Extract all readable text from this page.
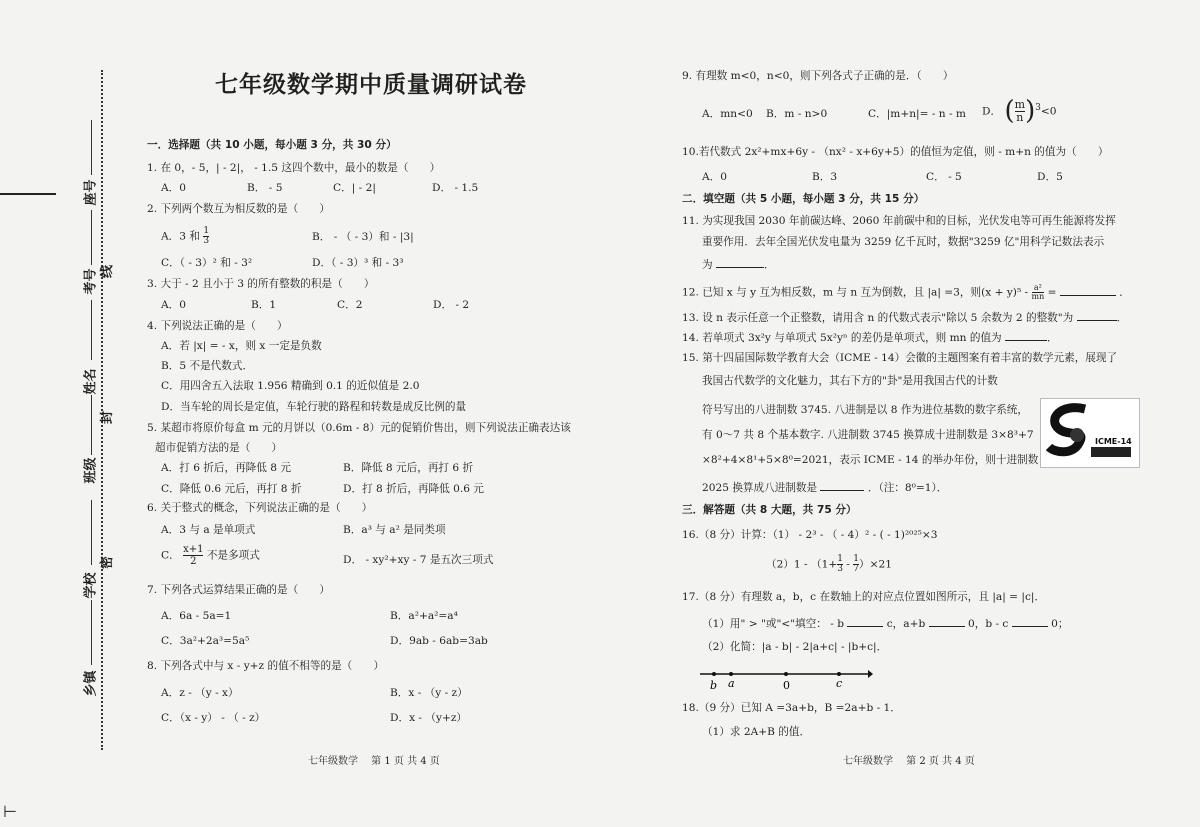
座号
考号
姓名
班级
学校
乡镇
线
封
密
七年级数学期中质量调研试卷
一．选择题（共 10 小题，每小题 3 分，共 30 分）
1. 在 0，- 5，| - 2|， - 1.5 这四个数中，最小的数是（　　）
A．0	B． - 5	C．| - 2|	D． - 1.5
2. 下列两个数互为相反数的是（　　）
A．3 和 $\frac{1}{3}$	B． - （ - 3）和 - |3|
C．（ - 3）² 和 - 3²	D．（ - 3）³ 和 - 3³
3. 大于 - 2 且小于 3 的所有整数的积是（　　）
A．0	B．1	C．2	D． - 2
4. 下列说法正确的是（　　）
A．若 |x| = - x，则 x 一定是负数
B．5 不是代数式．
C．用四舍五入法取 1.956 精确到 0.1 的近似值是 2.0
D．当车轮的周长是定值，车轮行驶的路程和转数是成反比例的量
5. 某超市将原价每盒 m 元的月饼以（0.6m - 8）元的促销价售出，则下列说法正确表达该
超市促销方法的是（　　）
A．打 6 折后，再降低 8 元	B．降低 8 元后，再打 6 折
C．降低 0.6 元后，再打 8 折	D．打 8 折后，再降低 0.6 元
6. 关于整式的概念，下列说法正确的是（　　）
A．3 与 a 是单项式	B．a³ 与 a² 是同类项
C． $\frac{x+1}{2}$ 不是多项式	D． - xy²+xy - 7 是五次三项式
7. 下列各式运算结果正确的是（　　）
A．6a - 5a=1	B．a²+a²=a⁴
C．3a²+2a³=5a⁵	D．9ab - 6ab=3ab
8. 下列各式中与 x - y+z 的值不相等的是（　　）
A．z - （y - x）	B．x - （y - z）
C．（x - y） - （ - z）	D．x - （y+z）
七年级数学　 第 1 页 共 4 页
9. 有理数 m<0，n<0，则下列各式子正确的是．（　　）
A．mn<0 B．m - n>0	C．|m+n|= - n - m D． ( $\frac{m}{n} )^3<0$
10.若代数式 2x²+mx+6y - （nx² - x+6y+5）的值恒为定值，则 - m+n 的值为（　　）
A．0	B．3	C． - 5	D．5
二．填空题（共 5 小题，每小题 3 分，共 15 分）
11. 为实现我国 2030 年前碳达峰、2060 年前碳中和的目标，光伏发电等可再生能源将发挥
重要作用．去年全国光伏发电量为 3259 亿千瓦时，数据"3259 亿"用科学记数法表示
为	．
12. 已知 x 与 y 互为相反数，m 与 n 互为倒数，且 |a| =3，则$(x + y)^5 - \frac{\text{a²}}{mn}$ =	．
13. 设 n 表示任意一个正整数，请用含 n 的代数式表示"除以 5 余数为 2 的整数"为	．
14. 若单项式 3x²y 与单项式 5x²yⁿ 的差仍是单项式，则 mn 的值为	．
15. 第十四届国际数学教育大会（ICME - 14）会徽的主题图案有着丰富的数学元素，展现了
我国古代数学的文化魅力，其右下方的"卦"是用我国古代的计数
符号写出的八进制数 3745. 八进制是以 8 作为进位基数的数字系统，
有 0～7 共 8 个基本数字. 八进制数 3745 换算成十进制数是 3×8³+7
×8²+4×8¹+5×8⁰=2021，表示 ICME - 14 的举办年份，则十进制数
2025 换算成八进制数是	．（注：8⁰=1）．
三．解答题（共 8 大题，共 75 分）
16.（8 分）计算：（1） - 2³ - （ - 4）² - ( - 1)²⁰²⁵×3
$(2)1 - (1+ \frac{1}{3} - \frac{1}{7} )\times 21$
17.（8 分）有理数 a，b，c 在数轴上的对应点位置如图所示，且 |a| = |c|．
（1）用" > "或"<"填空： - b	c，a+b	0，b - c	0；
（2）化简：|a - b| - 2|a+c| - |b+c|．
18.（9 分）已知 A =3a+b，B =2a+b - 1．
（1）求 2A+B 的值．
ICME-14
b a	0	c
七年级数学　 第 2 页 共 4 页
⊢
